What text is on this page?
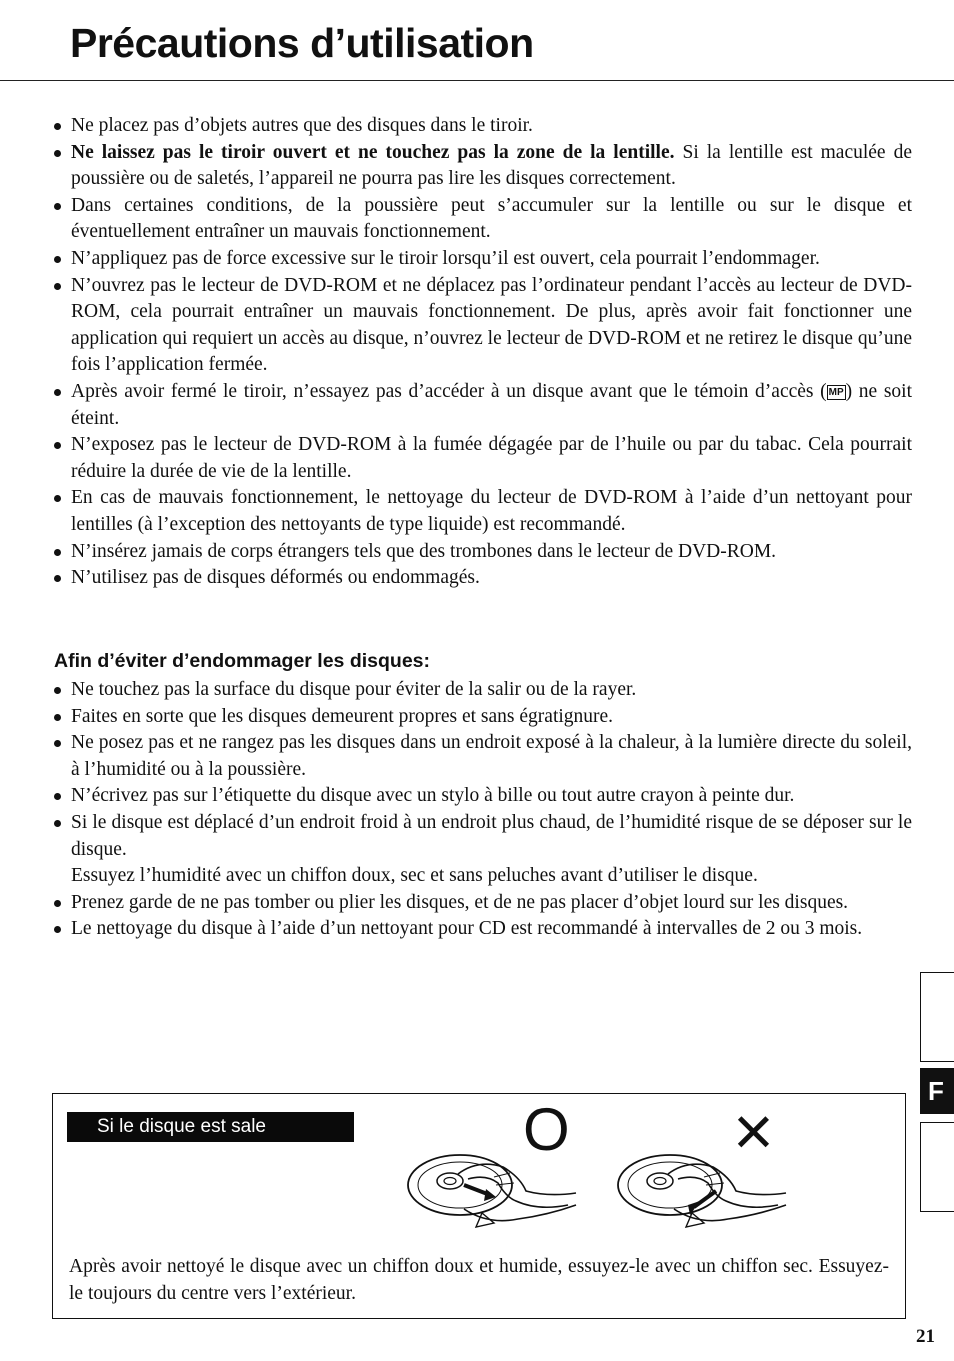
Précautions d’utilisation
Ne placez pas d’objets autres que des disques dans le tiroir.
Ne laissez pas le tiroir ouvert et ne touchez pas la zone de la lentille. Si la lentille est maculée de poussière ou de saletés, l’appareil ne pourra pas lire les disques correctement.
Dans certaines conditions, de la poussière peut s’accumuler sur la lentille ou sur le disque et éventuellement entraîner un mauvais fonctionnement.
N’appliquez pas de force excessive sur le tiroir lorsqu’il est ouvert, cela pourrait l’endommager.
N’ouvrez pas le lecteur de DVD-ROM et ne déplacez pas l’ordinateur pendant l’accès au lecteur de DVD-ROM, cela pourrait entraîner un mauvais fonctionnement. De plus, après avoir fait fonctionner une application qui requiert un accès au disque, n’ouvrez le lecteur de DVD-ROM et ne retirez le disque qu’une fois l’application fermée.
Après avoir fermé le tiroir, n’essayez pas d’accéder à un disque avant que le témoin d’accès ( MP ) ne soit éteint.
N’exposez pas le lecteur de DVD-ROM à la fumée dégagée par de l’huile ou par du tabac. Cela pourrait réduire la durée de vie de la lentille.
En cas de mauvais fonctionnement, le nettoyage du lecteur de DVD-ROM à l’aide d’un nettoyant pour lentilles (à l’exception des nettoyants de type liquide) est recommandé.
N’insérez jamais de corps étrangers tels que des trombones dans le lecteur de DVD-ROM.
N’utilisez pas de disques déformés ou endommagés.
Afin d’éviter d’endommager les disques:
Ne touchez pas la surface du disque pour éviter de la salir ou de la rayer.
Faites en sorte que les disques demeurent propres et sans égratignure.
Ne posez pas et ne rangez pas les disques dans un endroit exposé à la chaleur, à la lumière directe du soleil, à l’humidité ou à la poussière.
N’écrivez pas sur l’étiquette du disque avec un stylo à bille ou tout autre crayon à peinte dur.
Si le disque est déplacé d’un endroit froid à un endroit plus chaud, de l’humidité risque de se déposer sur le disque.
Essuyez l’humidité avec un chiffon doux, sec et sans peluches avant d’utiliser le disque.
Prenez garde de ne pas tomber ou plier les disques, et de ne pas placer d’objet lourd sur les disques.
Le nettoyage du disque à l’aide d’un nettoyant pour CD est recommandé à intervalles de 2 ou 3 mois.
Si le disque est sale	O ×

Après avoir nettoyé le disque avec un chiffon doux et humide, essuyez-le avec un chiffon sec. Essuyez-le toujours du centre vers l’extérieur.

F
21
